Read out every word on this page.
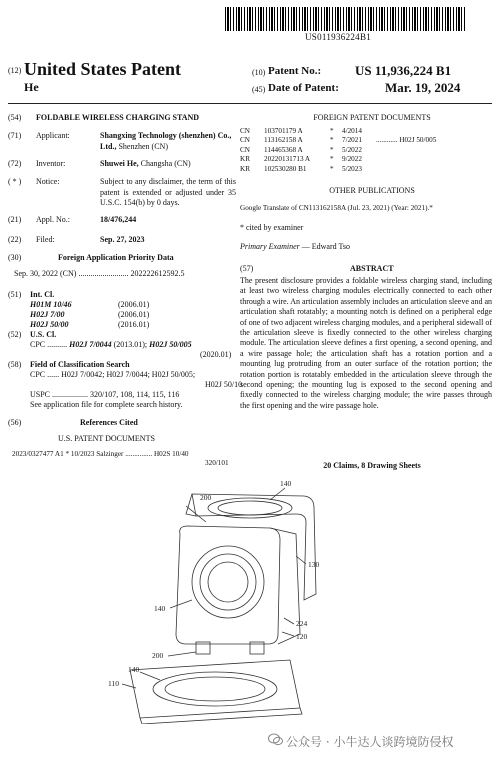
US011936224B1
(12) United States Patent
He
(10) Patent No.:	US 11,936,224 B1
(45) Date of Patent:	Mar. 19, 2024
(54) FOLDABLE WIRELESS CHARGING STAND
(71) Applicant:	Shangxing Technology (shenzhen) Co., Ltd., Shenzhen (CN)
(72) Inventor:	Shuwei He, Changsha (CN)
( * ) Notice:	Subject to any disclaimer, the term of this patent is extended or adjusted under 35 U.S.C. 154(b) by 0 days.
(21) Appl. No.:	18/476,244
(22) Filed:	Sep. 27, 2023
(30)	Foreign Application Priority Data
Sep. 30, 2022 (CN) ......................... 202222612592.5
(51) Int. Cl.
H01M 10/46	(2006.01)
H02J 7/00	(2006.01)
H02J 50/00	(2016.01)
(52) U.S. Cl.
CPC .......... H02J 7/0044 (2013.01); H02J 50/005
(2020.01)
(58) Field of Classification Search
CPC ...... H02J 7/0042; H02J 7/0044; H02J 50/005;
H02J 50/10
USPC .................. 320/107, 108, 114, 115, 116
See application file for complete search history.
(56)	References Cited
U.S. PATENT DOCUMENTS
2023/0327477 A1 * 10/2023 Salzinger ............... H02S 10/40
320/101
FOREIGN PATENT DOCUMENTS
CN 103701179 A	* 4/2014
CN 113162158 A	* 7/2021 ............ H02J 50/005
CN 114465368 A	* 5/2022
KR 20220131713 A	* 9/2022
KR 102530280 B1	* 5/2023
OTHER PUBLICATIONS
Google Translate of CN113162158A (Jul. 23, 2021) (Year: 2021).*
* cited by examiner
Primary Examiner — Edward Tso
(57)	ABSTRACT
The present disclosure provides a foldable wireless charging stand, including at least two wireless charging modules electrically connected to each other through a wire. An articulation assembly includes an articulation sleeve and an articulation shaft rotatably; a mounting notch is defined on a peripheral edge of one of two adjacent wireless charging modules, and a peripheral sidewall of the articulation sleeve is fixedly connected to the other wireless charging module. The articulation sleeve defines a first opening, a second opening, and a wire passage hole; the articulation shaft has a rotation portion and a mounting lug protruding from an outer surface of the rotation portion; the rotation portion is rotatably embedded in the articulation sleeve through the second opening; the mounting lug is exposed to the second opening and fixedly connected to the wireless charging module; the wire passes through the first opening and the wire passage hole.
20 Claims, 8 Drawing Sheets
140
200
130
140
224
120
200
140
110
公众号 · 小牛达人谈跨境防侵权
